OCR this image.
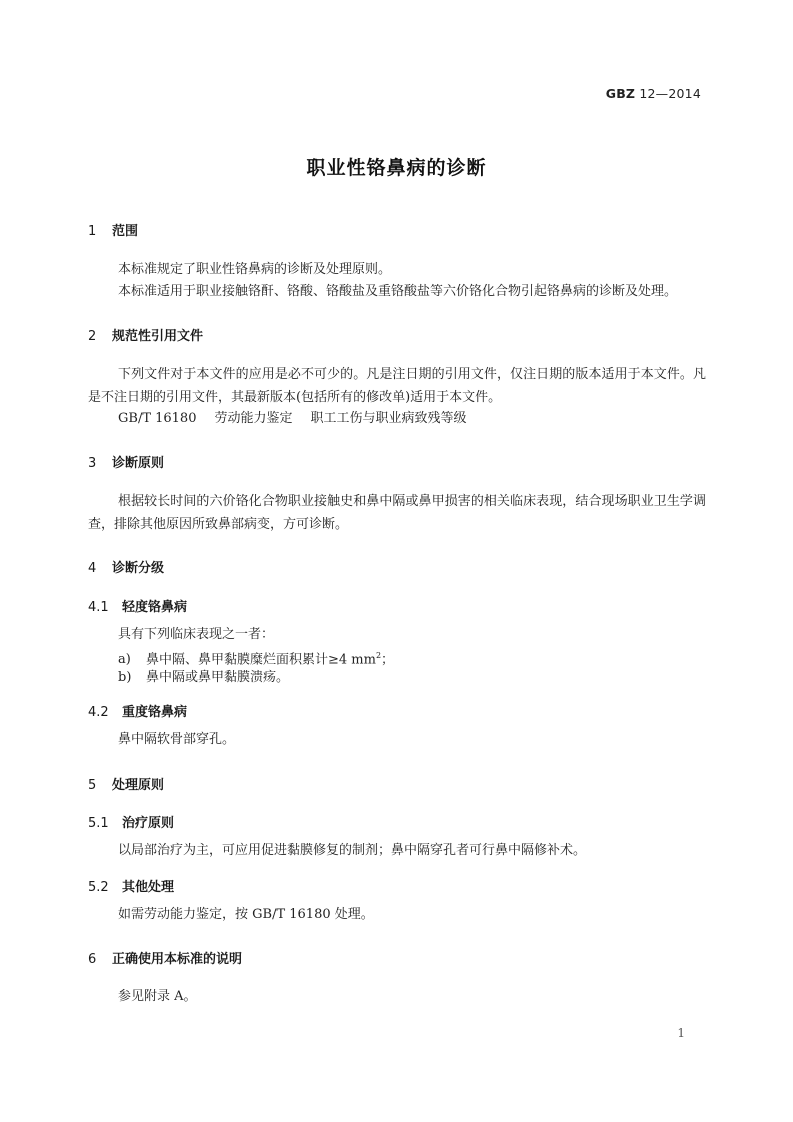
GBZ 12—2014
职业性铬鼻病的诊断
1 范围
本标准规定了职业性铬鼻病的诊断及处理原则。
本标准适用于职业接触铬酐、铬酸、铬酸盐及重铬酸盐等六价铬化合物引起铬鼻病的诊断及处理。
2 规范性引用文件
下列文件对于本文件的应用是必不可少的。凡是注日期的引用文件，仅注日期的版本适用于本文件。凡是不注日期的引用文件，其最新版本(包括所有的修改单)适用于本文件。
GB/T 16180 劳动能力鉴定 职工工伤与职业病致残等级
3 诊断原则
根据较长时间的六价铬化合物职业接触史和鼻中隔或鼻甲损害的相关临床表现，结合现场职业卫生学调查，排除其他原因所致鼻部病变，方可诊断。
4 诊断分级
4.1 轻度铬鼻病
具有下列临床表现之一者：
a) 鼻中隔、鼻甲黏膜糜烂面积累计≥4 $mm^2$；
b) 鼻中隔或鼻甲黏膜溃疡。
4.2 重度铬鼻病
鼻中隔软骨部穿孔。
5 处理原则
5.1 治疗原则
以局部治疗为主，可应用促进黏膜修复的制剂；鼻中隔穿孔者可行鼻中隔修补术。
5.2 其他处理
如需劳动能力鉴定，按 GB/T 16180 处理。
6 正确使用本标准的说明
参见附录 A。
1
